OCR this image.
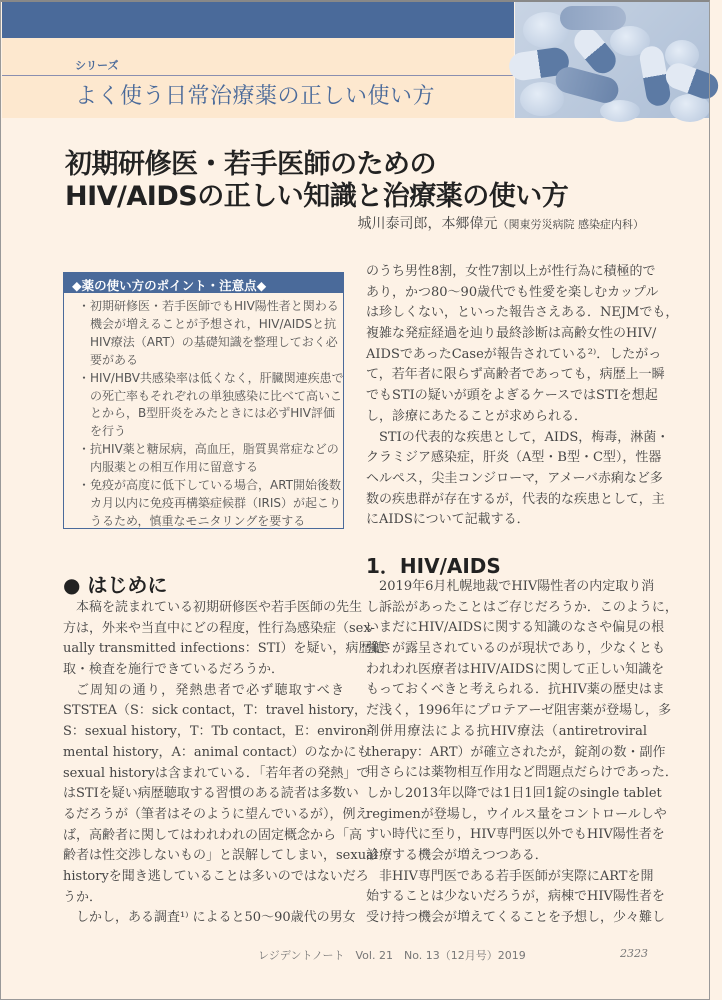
シリーズ
よく使う日常治療薬の正しい使い方
初期研修医・若手医師のための
HIV/AIDSの正しい知識と治療薬の使い方
城川泰司郎，本郷偉元（関東労災病院 感染症内科）
◆薬の使い方のポイント・注意点◆
・初期研修医・若手医師でもHIV陽性者と関わる
機会が増えることが予想され，HIV/AIDSと抗
HIV療法（ART）の基礎知識を整理しておく必
要がある
・HIV/HBV共感染率は低くなく，肝臓関連疾患で
の死亡率もそれぞれの単独感染に比べて高いこ
とから，B型肝炎をみたときには必ずHIV評価
を行う
・抗HIV薬と糖尿病，高血圧，脂質異常症などの
内服薬との相互作用に留意する
・免疫が高度に低下している場合，ART開始後数
カ月以内に免疫再構築症候群（IRIS）が起こり
うるため，慎重なモニタリングを要する
● はじめに
本稿を読まれている初期研修医や若手医師の先生
方は，外来や当直中にどの程度，性行為感染症（sex-
ually transmitted infections：STI）を疑い，病歴聴
取・検査を施行できているだろうか．
ご周知の通り，発熱患者で必ず聴取すべき
STSTEA（S：sick contact，T：travel history，
S：sexual history，T：Tb contact，E：environ-
mental history，A：animal contact）のなかにも
sexual historyは含まれている．「若年者の発熱」で
はSTIを疑い病歴聴取する習慣のある読者は多数い
るだろうが（筆者はそのように望んでいるが），例え
ば，高齢者に関してはわれわれの固定概念から「高
齢者は性交渉しないもの」と誤解してしまい，sexual
historyを聞き逃していることは多いのではないだろ
うか．
しかし，ある調査¹⁾ によると50～90歳代の男女
のうち男性8割，女性7割以上が性行為に積極的で
あり，かつ80～90歳代でも性愛を楽しむカップル
は珍しくない，といった報告さえある．NEJMでも，
複雑な発症経過を辿り最終診断は高齢女性のHIV/
AIDSであったCaseが報告されている²⁾．したがっ
て，若年者に限らず高齢者であっても，病歴上一瞬
でもSTIの疑いが頭をよぎるケースではSTIを想起
し，診療にあたることが求められる．
STIの代表的な疾患として，AIDS，梅毒，淋菌・
クラミジア感染症，肝炎（A型・B型・C型），性器
ヘルペス，尖圭コンジローマ，アメーバ赤痢など多
数の疾患群が存在するが，代表的な疾患として，主
にAIDSについて記載する．
1．HIV/AIDS
2019年6月札幌地裁でHIV陽性者の内定取り消
し訴訟があったことはご存じだろうか．このように，
いまだにHIV/AIDSに関する知識のなさや偏見の根
強さが露呈されているのが現状であり，少なくとも
われわれ医療者はHIV/AIDSに関して正しい知識を
もっておくべきと考えられる．抗HIV薬の歴史はま
だ浅く，1996年にプロテアーゼ阻害薬が登場し，多
剤併用療法による抗HIV療法（antiretroviral
therapy：ART）が確立されたが，錠剤の数・副作
用さらには薬物相互作用など問題点だらけであった．
しかし2013年以降では1日1回1錠のsingle tablet
regimenが登場し，ウイルス量をコントロールしや
すい時代に至り，HIV専門医以外でもHIV陽性者を
診療する機会が増えつつある．
非HIV専門医である若手医師が実際にARTを開
始することは少ないだろうが，病棟でHIV陽性者を
受け持つ機会が増えてくることを予想し，少々難し
レジデントノート　Vol. 21　No. 13（12月号）2019	2323
